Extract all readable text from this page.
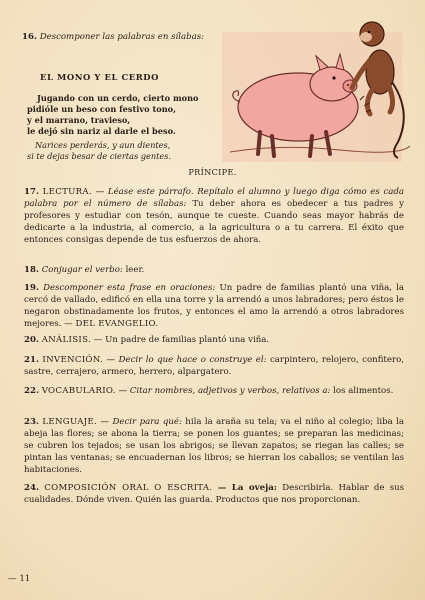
16. Descomponer las palabras en sílabas:
EL MONO Y EL CERDO
Jugando con un cerdo, cierto mono
pidióle un beso con festivo tono,
y el marrano, travieso,
le dejó sin nariz al darle el beso.
Narices perderás, y aun dientes,
si te dejas besar de ciertas gentes.
PRÍNCIPE.
17. LECTURA. — Léase este párrafo. Repítalo el alumno y luego diga cómo es cada palabra por el número de sílabas: Tu deber ahora es obedecer a tus padres y profesores y estudiar con tesón, aunque te cueste. Cuando seas mayor habrás de dedicarte a la industria, al comercio, a la agricultura o a tu carrera. El éxito que entonces consigas depende de tus esfuerzos de ahora.
18. Conjugar el verbo: leer.
19. Descomponer esta frase en oraciones: Un padre de familias plantó una viña, la cercó de vallado, edificó en ella una torre y la arrendó a unos labradores; pero éstos le negaron obstinadamente los frutos, y entonces el amo la arrendó a otros labradores mejores. — DEL EVANGELIO.
20. ANÁLISIS. — Un padre de familias plantó una viña.
21. INVENCIÓN. — Decir lo que hace o construye el: carpintero, relojero, confitero, sastre, cerrajero, armero, herrero, alpargatero.
22. VOCABULARIO. — Citar nombres, adjetivos y verbos, relativos a: los alimentos.
23. LENGUAJE. — Decir para qué: hila la araña su tela; va el niño al colegio; liba la abeja las flores; se abona la tierra; se ponen los guantes; se preparan las medicinas; se cubren los tejados; se usan los abrigos; se llevan zapatos; se riegan las calles; se pintan las ventanas; se encuadernan los libros; se hierran los caballos; se ventilan las habitaciones.
24. COMPOSICIÓN ORAL O ESCRITA. — La oveja: Describirla. Hablar de sus cualidades. Dónde viven. Quién las guarda. Productos que nos proporcionan.
— 11
